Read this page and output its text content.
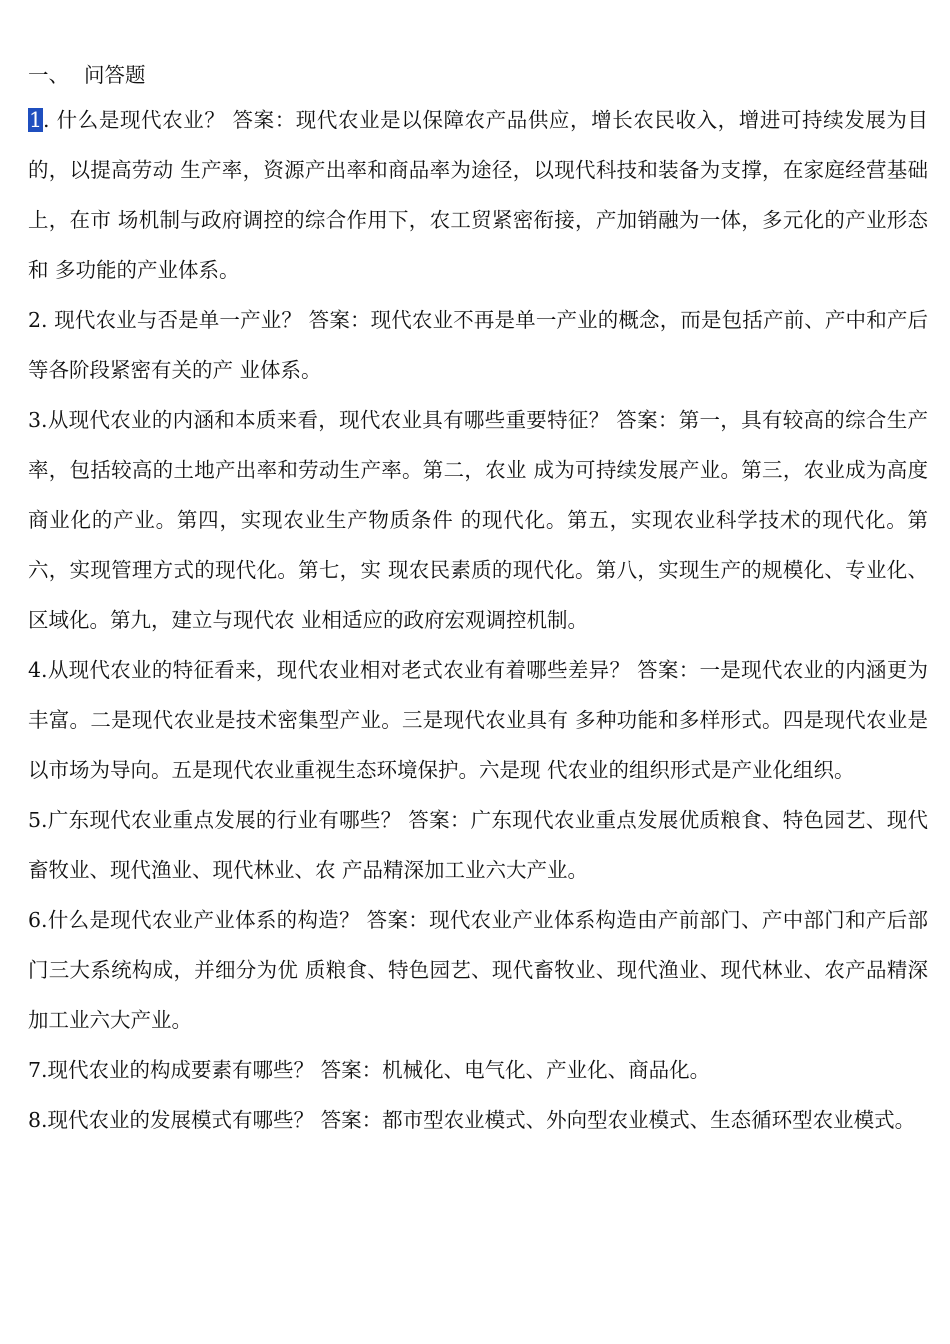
一、 问答题

1. 什么是现代农业？ 答案：现代农业是以保障农产品供应，增长农民收入，增进可持续发展为目的，以提高劳动 生产率，资源产出率和商品率为途径，以现代科技和装备为支撑，在家庭经营基础上，在市 场机制与政府调控的综合作用下，农工贸紧密衔接，产加销融为一体，多元化的产业形态和 多功能的产业体系。

2. 现代农业与否是单一产业？ 答案：现代农业不再是单一产业的概念，而是包括产前、产中和产后等各阶段紧密有关的产 业体系。

3.从现代农业的内涵和本质来看，现代农业具有哪些重要特征？ 答案：第一，具有较高的综合生产率，包括较高的土地产出率和劳动生产率。第二，农业 成为可持续发展产业。第三，农业成为高度商业化的产业。第四，实现农业生产物质条件 的现代化。第五，实现农业科学技术的现代化。第六，实现管理方式的现代化。第七，实 现农民素质的现代化。第八，实现生产的规模化、专业化、区域化。第九，建立与现代农 业相适应的政府宏观调控机制。

4.从现代农业的特征看来，现代农业相对老式农业有着哪些差异？ 答案：一是现代农业的内涵更为丰富。二是现代农业是技术密集型产业。三是现代农业具有 多种功能和多样形式。四是现代农业是以市场为导向。五是现代农业重视生态环境保护。六是现 代农业的组织形式是产业化组织。

5.广东现代农业重点发展的行业有哪些？ 答案：广东现代农业重点发展优质粮食、特色园艺、现代畜牧业、现代渔业、现代林业、农 产品精深加工业六大产业。

6.什么是现代农业产业体系的构造？ 答案：现代农业产业体系构造由产前部门、产中部门和产后部门三大系统构成，并细分为优 质粮食、特色园艺、现代畜牧业、现代渔业、现代林业、农产品精深加工业六大产业。

7.现代农业的构成要素有哪些？ 答案：机械化、电气化、产业化、商品化。

8.现代农业的发展模式有哪些？ 答案：都市型农业模式、外向型农业模式、生态循环型农业模式。
